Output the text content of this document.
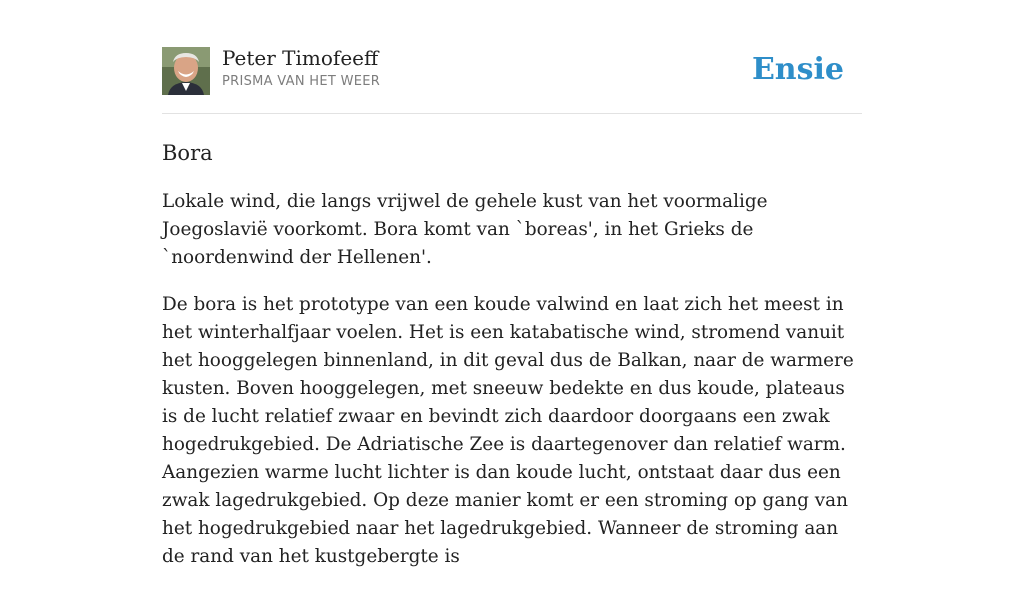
Peter Timofeeff
PRISMA VAN HET WEER	Ensie
Bora

Lokale wind, die langs vrijwel de gehele kust van het voormalige Joegoslavië voorkomt. Bora komt van `boreas', in het Grieks de `noordenwind der Hellenen'.

De bora is het prototype van een koude valwind en laat zich het meest in het winterhalfjaar voelen. Het is een katabatische wind, stromend vanuit het hooggelegen binnenland, in dit geval dus de Balkan, naar de warmere kusten. Boven hooggelegen, met sneeuw bedekte en dus koude, plateaus is de lucht relatief zwaar en bevindt zich daardoor doorgaans een zwak hogedrukgebied. De Adriatische Zee is daartegenover dan relatief warm. Aangezien warme lucht lichter is dan koude lucht, ontstaat daar dus een zwak lagedrukgebied. Op deze manier komt er een stroming op gang van het hogedrukgebied naar het lagedrukgebied. Wanneer de stroming aan de rand van het kustgebergte is
